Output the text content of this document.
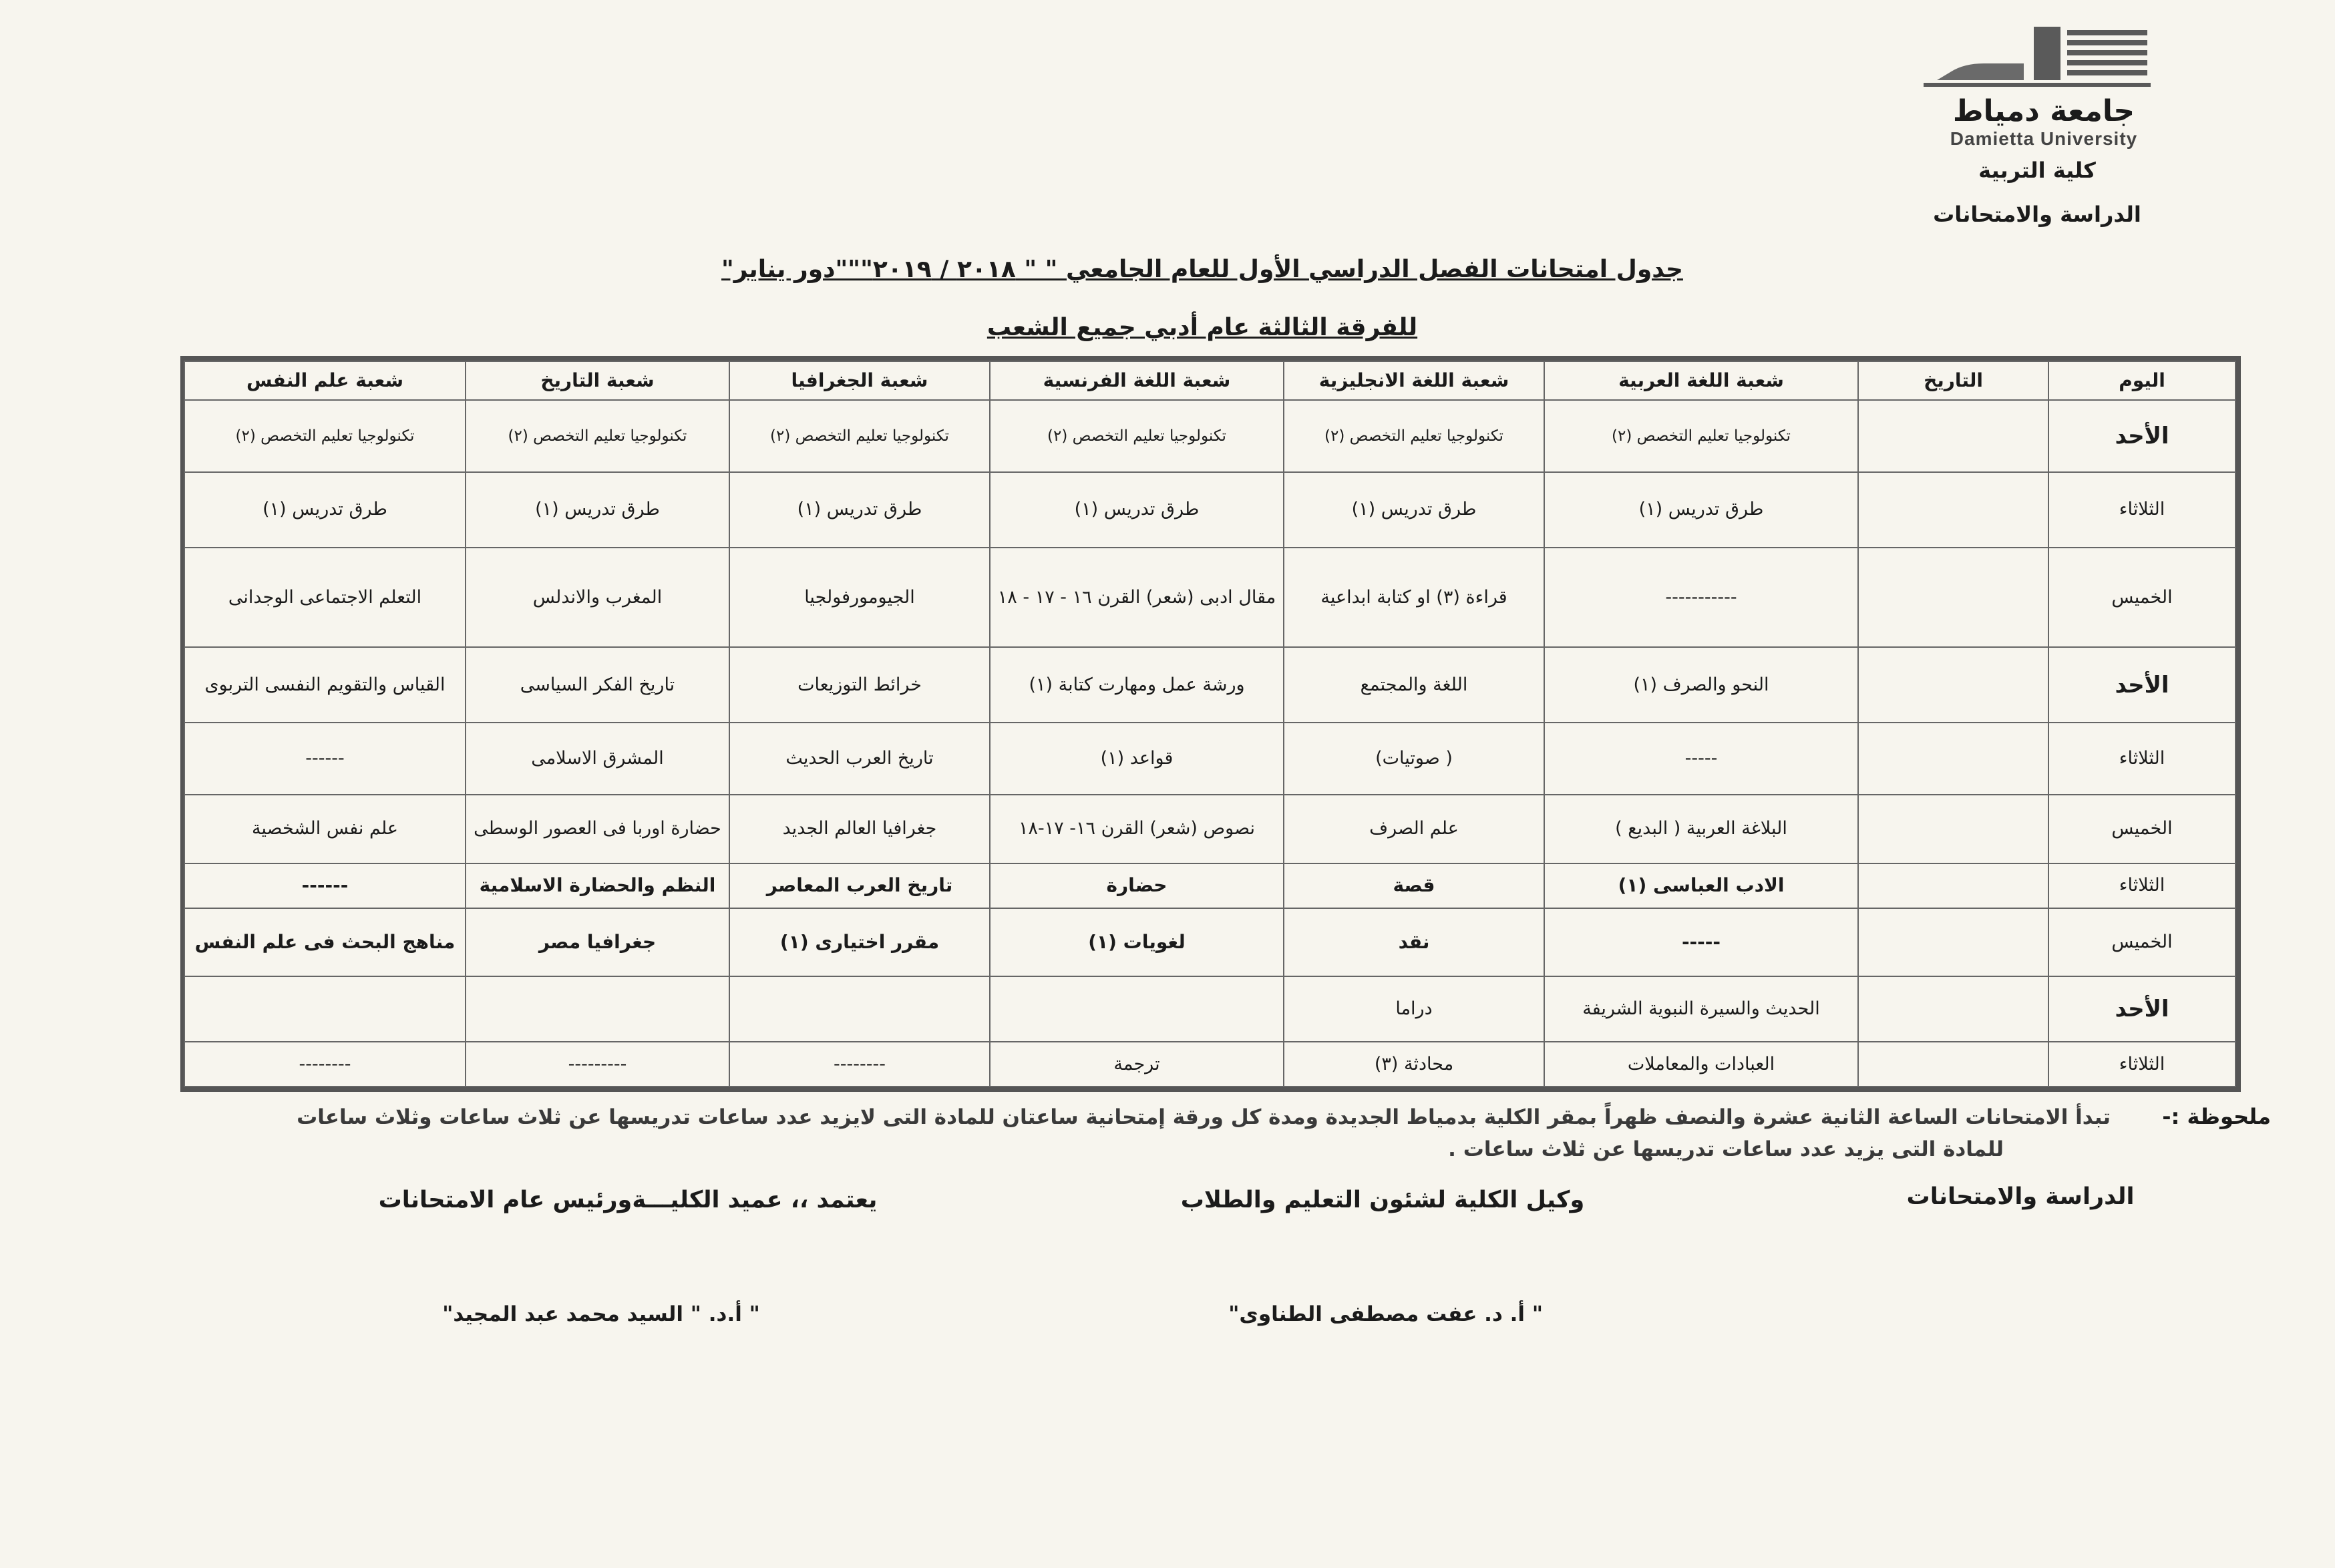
جامعة دمياط
Damietta University
كلية التربية
الدراسة والامتحانات
جدول امتحانات الفصل الدراسي الأول للعام الجامعي " " ٢٠١٨ / ٢٠١٩"""دور يناير"
للفرقة الثالثة عام أدبي جميع الشعب
اليوم	التاريخ	شعبة اللغة العربية	شعبة اللغة الانجليزية	شعبة اللغة الفرنسية	شعبة الجغرافيا	شعبة التاريخ	شعبة علم النفس
الأحد		تكنولوجيا تعليم التخصص (٢)	تكنولوجيا تعليم التخصص (٢)	تكنولوجيا تعليم التخصص (٢)	تكنولوجيا تعليم التخصص (٢)	تكنولوجيا تعليم التخصص (٢)	تكنولوجيا تعليم التخصص (٢)
الثلاثاء		طرق تدريس (١)	طرق تدريس (١)	طرق تدريس (١)	طرق تدريس (١)	طرق تدريس (١)	طرق تدريس (١)
الخميس		-----------	قراءة (٣) او كتابة ابداعية	مقال ادبى (شعر) القرن ١٦ - ١٧ - ١٨	الجيومورفولجيا	المغرب والاندلس	التعلم الاجتماعى الوجدانى
الأحد		النحو والصرف (١)	اللغة والمجتمع	ورشة عمل ومهارت كتابة (١)	خرائط التوزيعات	تاريخ الفكر السياسى	القياس والتقويم النفسى التربوى
الثلاثاء		-----	( صوتيات)	قواعد (١)	تاريخ العرب الحديث	المشرق الاسلامى	------
الخميس		البلاغة العربية ( البديع )	علم الصرف	نصوص (شعر) القرن ١٦- ١٧-١٨	جغرافيا العالم الجديد	حضارة اوربا فى العصور الوسطى	علم نفس الشخصية
الثلاثاء		الادب العباسى (١)	قصة	حضارة	تاريخ العرب المعاصر	النظم والحضارة الاسلامية	------
الخميس		-----	نقد	لغويات (١)	مقرر اختيارى (١)	جغرافيا مصر	مناهج البحث فى علم النفس
الأحد		الحديث والسيرة النبوية الشريفة	دراما				
الثلاثاء		العبادات والمعاملات	محادثة (٣)	ترجمة	--------	---------	--------
ملحوظة :-
تبدأ الامتحانات الساعة الثانية عشرة والنصف ظهراً بمقر الكلية بدمياط الجديدة ومدة كل ورقة إمتحانية ساعتان للمادة التى لايزيد عدد ساعات تدريسها عن ثلاث ساعات وثلاث ساعات
للمادة التى يزيد عدد ساعات تدريسها عن ثلاث ساعات .
الدراسة والامتحانات
وكيل الكلية لشئون التعليم والطلاب
يعتمد ،، عميد الكليـــةورئيس عام الامتحانات
" أ. د. عفت مصطفى الطناوى"
" أ.د. " السيد محمد عبد المجيد"
